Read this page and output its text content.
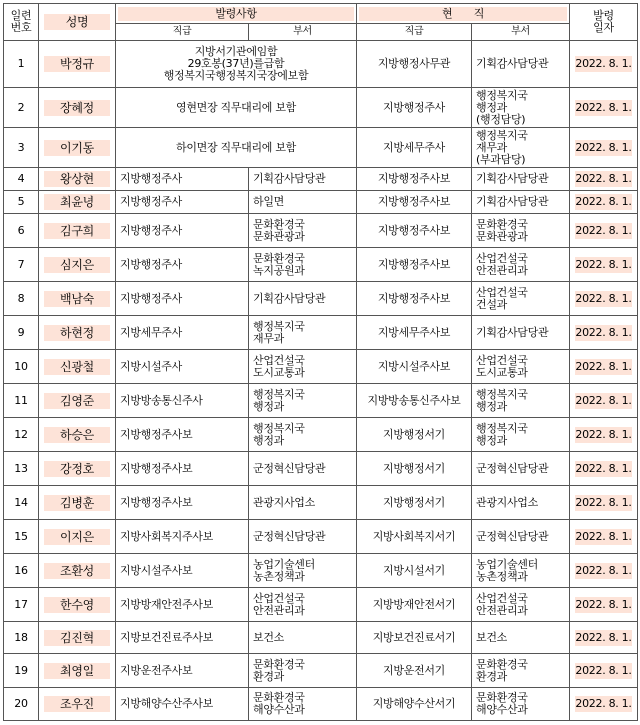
일련
번호	성명	발령사항		현　　직		발령
일자
		직급	부서	직급	부서	
1	박정규	지방서기관에임함
29호봉(37년)를급함
행정복지국행정복지국장에보함		지방행정사무관	기획감사담당관	2022. 8. 1.

2	장혜정	영현면장 직무대리에 보함		지방행정주사	행정복지국
행정과
(행정담당)	2022. 8. 1.

3	이기동	하이면장 직무대리에 보함		지방세무주사	행정복지국
재무과
(부과담당)	2022. 8. 1.

4	왕상현	지방행정주사	기획감사담당관	지방행정주사보	기획감사담당관	2022. 8. 1.

5	최윤녕	지방행정주사	하일면	지방행정주사보	기획감사담당관	2022. 8. 1.

6	김구희	지방행정주사	문화환경국
문화관광과	지방행정주사보	문화환경국
문화관광과	2022. 8. 1.

7	심지은	지방행정주사	문화환경국
녹지공원과	지방행정주사보	산업건설국
안전관리과	2022. 8. 1.

8	백남숙	지방행정주사	기획감사담당관	지방행정주사보	산업건설국
건설과	2022. 8. 1.

9	하현정	지방세무주사	행정복지국
재무과	지방세무주사보	기획감사담당관	2022. 8. 1.

10	신광철	지방시설주사	산업건설국
도시교통과	지방시설주사보	산업건설국
도시교통과	2022. 8. 1.

11	김영준	지방방송통신주사	행정복지국
행정과	지방방송통신주사보	행정복지국
행정과	2022. 8. 1.

12	하승은	지방행정주사보	행정복지국
행정과	지방행정서기	행정복지국
행정과	2022. 8. 1.

13	강정호	지방행정주사보	군정혁신담당관	지방행정서기	군정혁신담당관	2022. 8. 1.

14	김병훈	지방행정주사보	관광지사업소	지방행정서기	관광지사업소	2022. 8. 1.

15	이지은	지방사회복지주사보	군정혁신담당관	지방사회복지서기	군정혁신담당관	2022. 8. 1.

16	조환성	지방시설주사보	농업기술센터
농촌정책과	지방시설서기	농업기술센터
농촌정책과	2022. 8. 1.

17	한수영	지방방재안전주사보	산업건설국
안전관리과	지방방재안전서기	산업건설국
안전관리과	2022. 8. 1.

18	김진혁	지방보건진료주사보	보건소	지방보건진료서기	보건소	2022. 8. 1.

19	최영일	지방운전주사보	문화환경국
환경과	지방운전서기	문화환경국
환경과	2022. 8. 1.

20	조우진	지방해양수산주사보	문화환경국
해양수산과	지방해양수산서기	문화환경국
해양수산과	2022. 8. 1.
